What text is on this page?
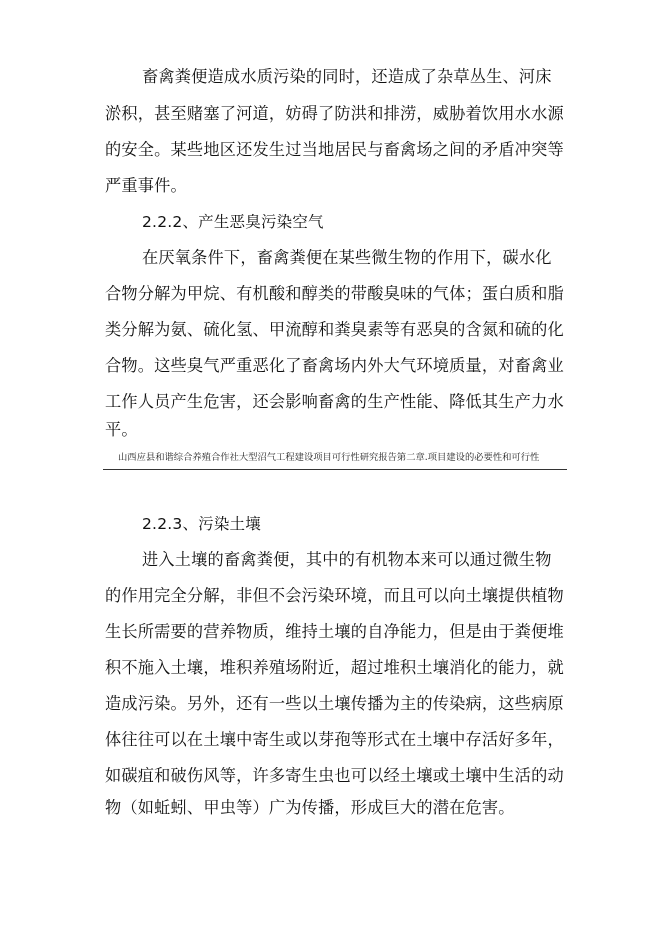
畜禽粪便造成水质污染的同时，还造成了杂草丛生、河床
淤积，甚至赌塞了河道，妨碍了防洪和排涝，威胁着饮用水水源
的安全。某些地区还发生过当地居民与畜禽场之间的矛盾冲突等
严重事件。
2.2.2、产生恶臭污染空气
在厌氧条件下，畜禽粪便在某些微生物的作用下，碳水化
合物分解为甲烷、有机酸和醇类的带酸臭味的气体；蛋白质和脂
类分解为氨、硫化氢、甲流醇和粪臭素等有恶臭的含氮和硫的化
合物。这些臭气严重恶化了畜禽场内外大气环境质量，对畜禽业
工作人员产生危害，还会影响畜禽的生产性能、降低其生产力水
平。
山西应县和谐综合养殖合作社大型沼气工程建设项目可行性研究报告第二章.项目建设的必要性和可行性
2.2.3、污染土壤
进入土壤的畜禽粪便，其中的有机物本来可以通过微生物
的作用完全分解，非但不会污染环境，而且可以向土壤提供植物
生长所需要的营养物质，维持土壤的自净能力，但是由于粪便堆
积不施入土壤，堆积养殖场附近，超过堆积土壤消化的能力，就
造成污染。另外，还有一些以土壤传播为主的传染病，这些病原
体往往可以在土壤中寄生或以芽孢等形式在土壤中存活好多年，
如碳疽和破伤风等，许多寄生虫也可以经土壤或土壤中生活的动
物（如蚯蚓、甲虫等）广为传播，形成巨大的潜在危害。
